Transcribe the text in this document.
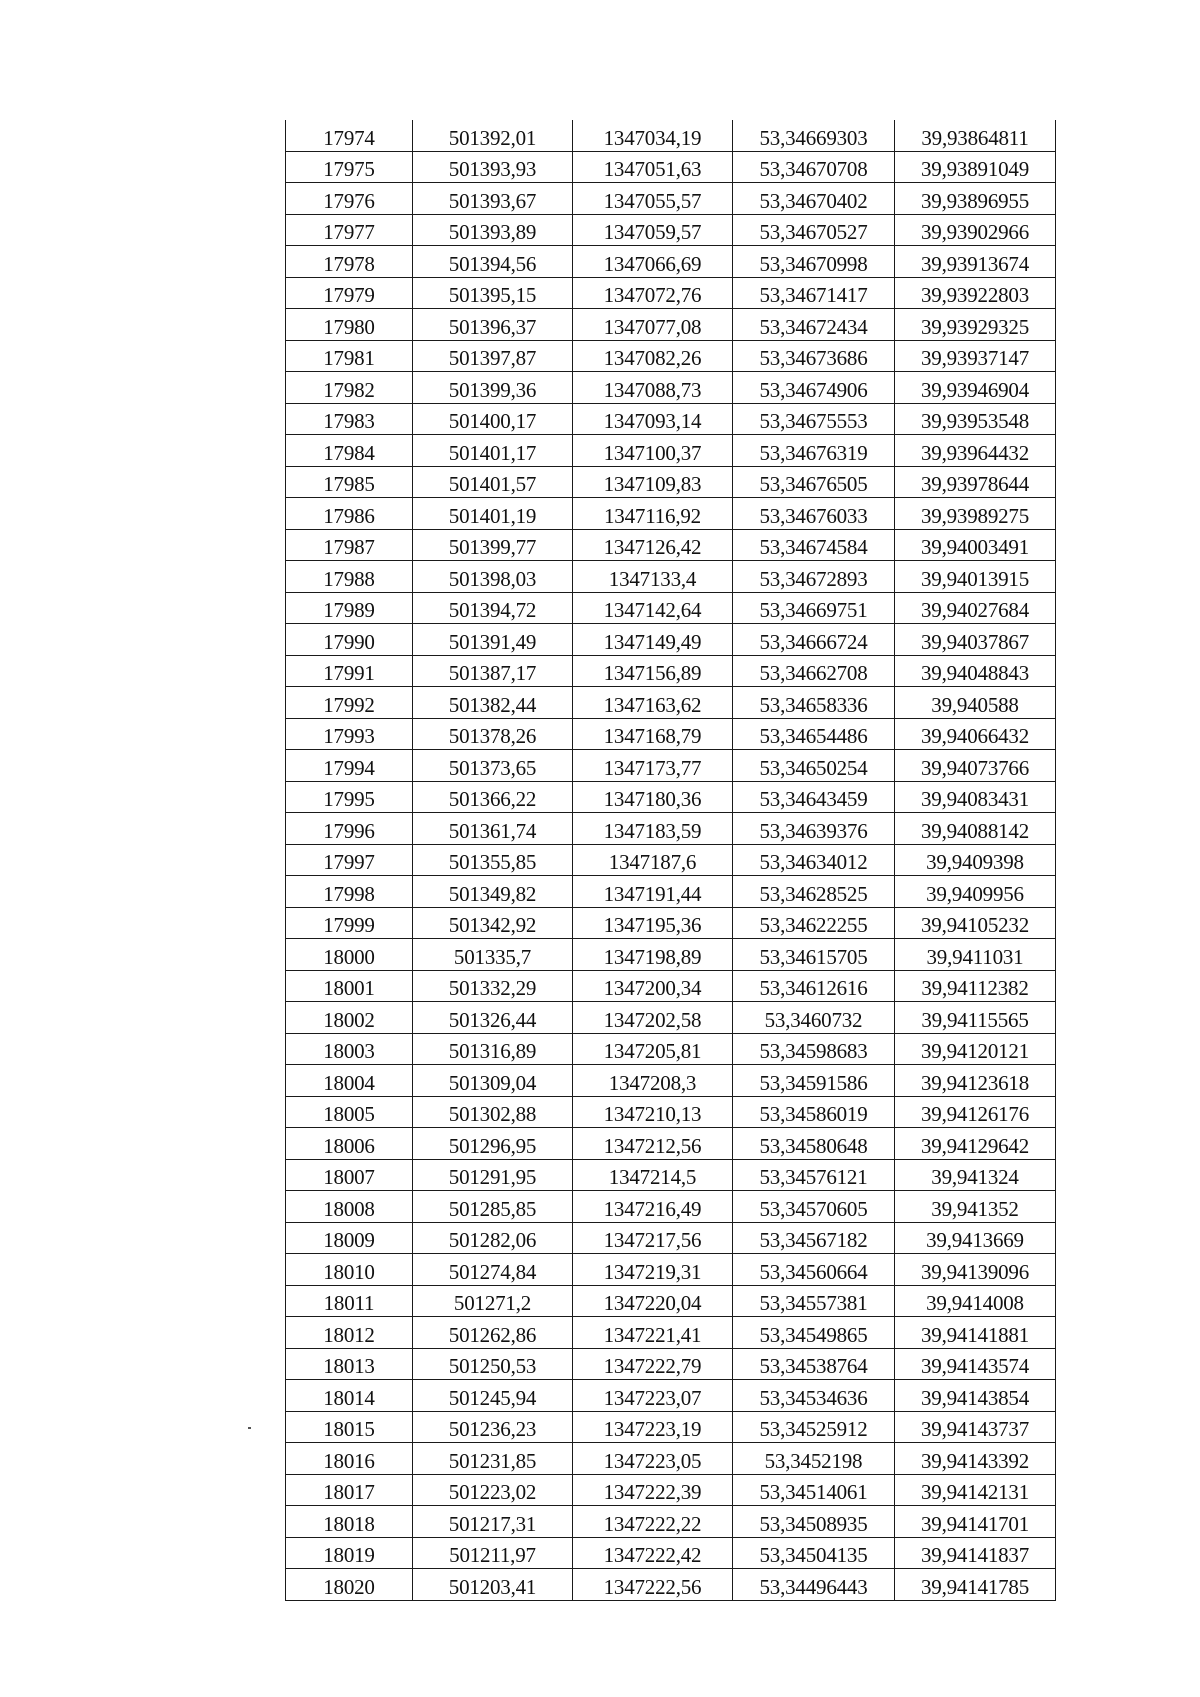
17974	501392,01	1347034,19	53,34669303	39,93864811
17975	501393,93	1347051,63	53,34670708	39,93891049
17976	501393,67	1347055,57	53,34670402	39,93896955
17977	501393,89	1347059,57	53,34670527	39,93902966
17978	501394,56	1347066,69	53,34670998	39,93913674
17979	501395,15	1347072,76	53,34671417	39,93922803
17980	501396,37	1347077,08	53,34672434	39,93929325
17981	501397,87	1347082,26	53,34673686	39,93937147
17982	501399,36	1347088,73	53,34674906	39,93946904
17983	501400,17	1347093,14	53,34675553	39,93953548
17984	501401,17	1347100,37	53,34676319	39,93964432
17985	501401,57	1347109,83	53,34676505	39,93978644
17986	501401,19	1347116,92	53,34676033	39,93989275
17987	501399,77	1347126,42	53,34674584	39,94003491
17988	501398,03	1347133,4	53,34672893	39,94013915
17989	501394,72	1347142,64	53,34669751	39,94027684
17990	501391,49	1347149,49	53,34666724	39,94037867
17991	501387,17	1347156,89	53,34662708	39,94048843
17992	501382,44	1347163,62	53,34658336	39,940588
17993	501378,26	1347168,79	53,34654486	39,94066432
17994	501373,65	1347173,77	53,34650254	39,94073766
17995	501366,22	1347180,36	53,34643459	39,94083431
17996	501361,74	1347183,59	53,34639376	39,94088142
17997	501355,85	1347187,6	53,34634012	39,9409398
17998	501349,82	1347191,44	53,34628525	39,9409956
17999	501342,92	1347195,36	53,34622255	39,94105232
18000	501335,7	1347198,89	53,34615705	39,9411031
18001	501332,29	1347200,34	53,34612616	39,94112382
18002	501326,44	1347202,58	53,3460732	39,94115565
18003	501316,89	1347205,81	53,34598683	39,94120121
18004	501309,04	1347208,3	53,34591586	39,94123618
18005	501302,88	1347210,13	53,34586019	39,94126176
18006	501296,95	1347212,56	53,34580648	39,94129642
18007	501291,95	1347214,5	53,34576121	39,941324
18008	501285,85	1347216,49	53,34570605	39,941352
18009	501282,06	1347217,56	53,34567182	39,9413669
18010	501274,84	1347219,31	53,34560664	39,94139096
18011	501271,2	1347220,04	53,34557381	39,9414008
18012	501262,86	1347221,41	53,34549865	39,94141881
18013	501250,53	1347222,79	53,34538764	39,94143574
18014	501245,94	1347223,07	53,34534636	39,94143854
18015	501236,23	1347223,19	53,34525912	39,94143737
18016	501231,85	1347223,05	53,3452198	39,94143392
18017	501223,02	1347222,39	53,34514061	39,94142131
18018	501217,31	1347222,22	53,34508935	39,94141701
18019	501211,97	1347222,42	53,34504135	39,94141837
18020	501203,41	1347222,56	53,34496443	39,94141785
